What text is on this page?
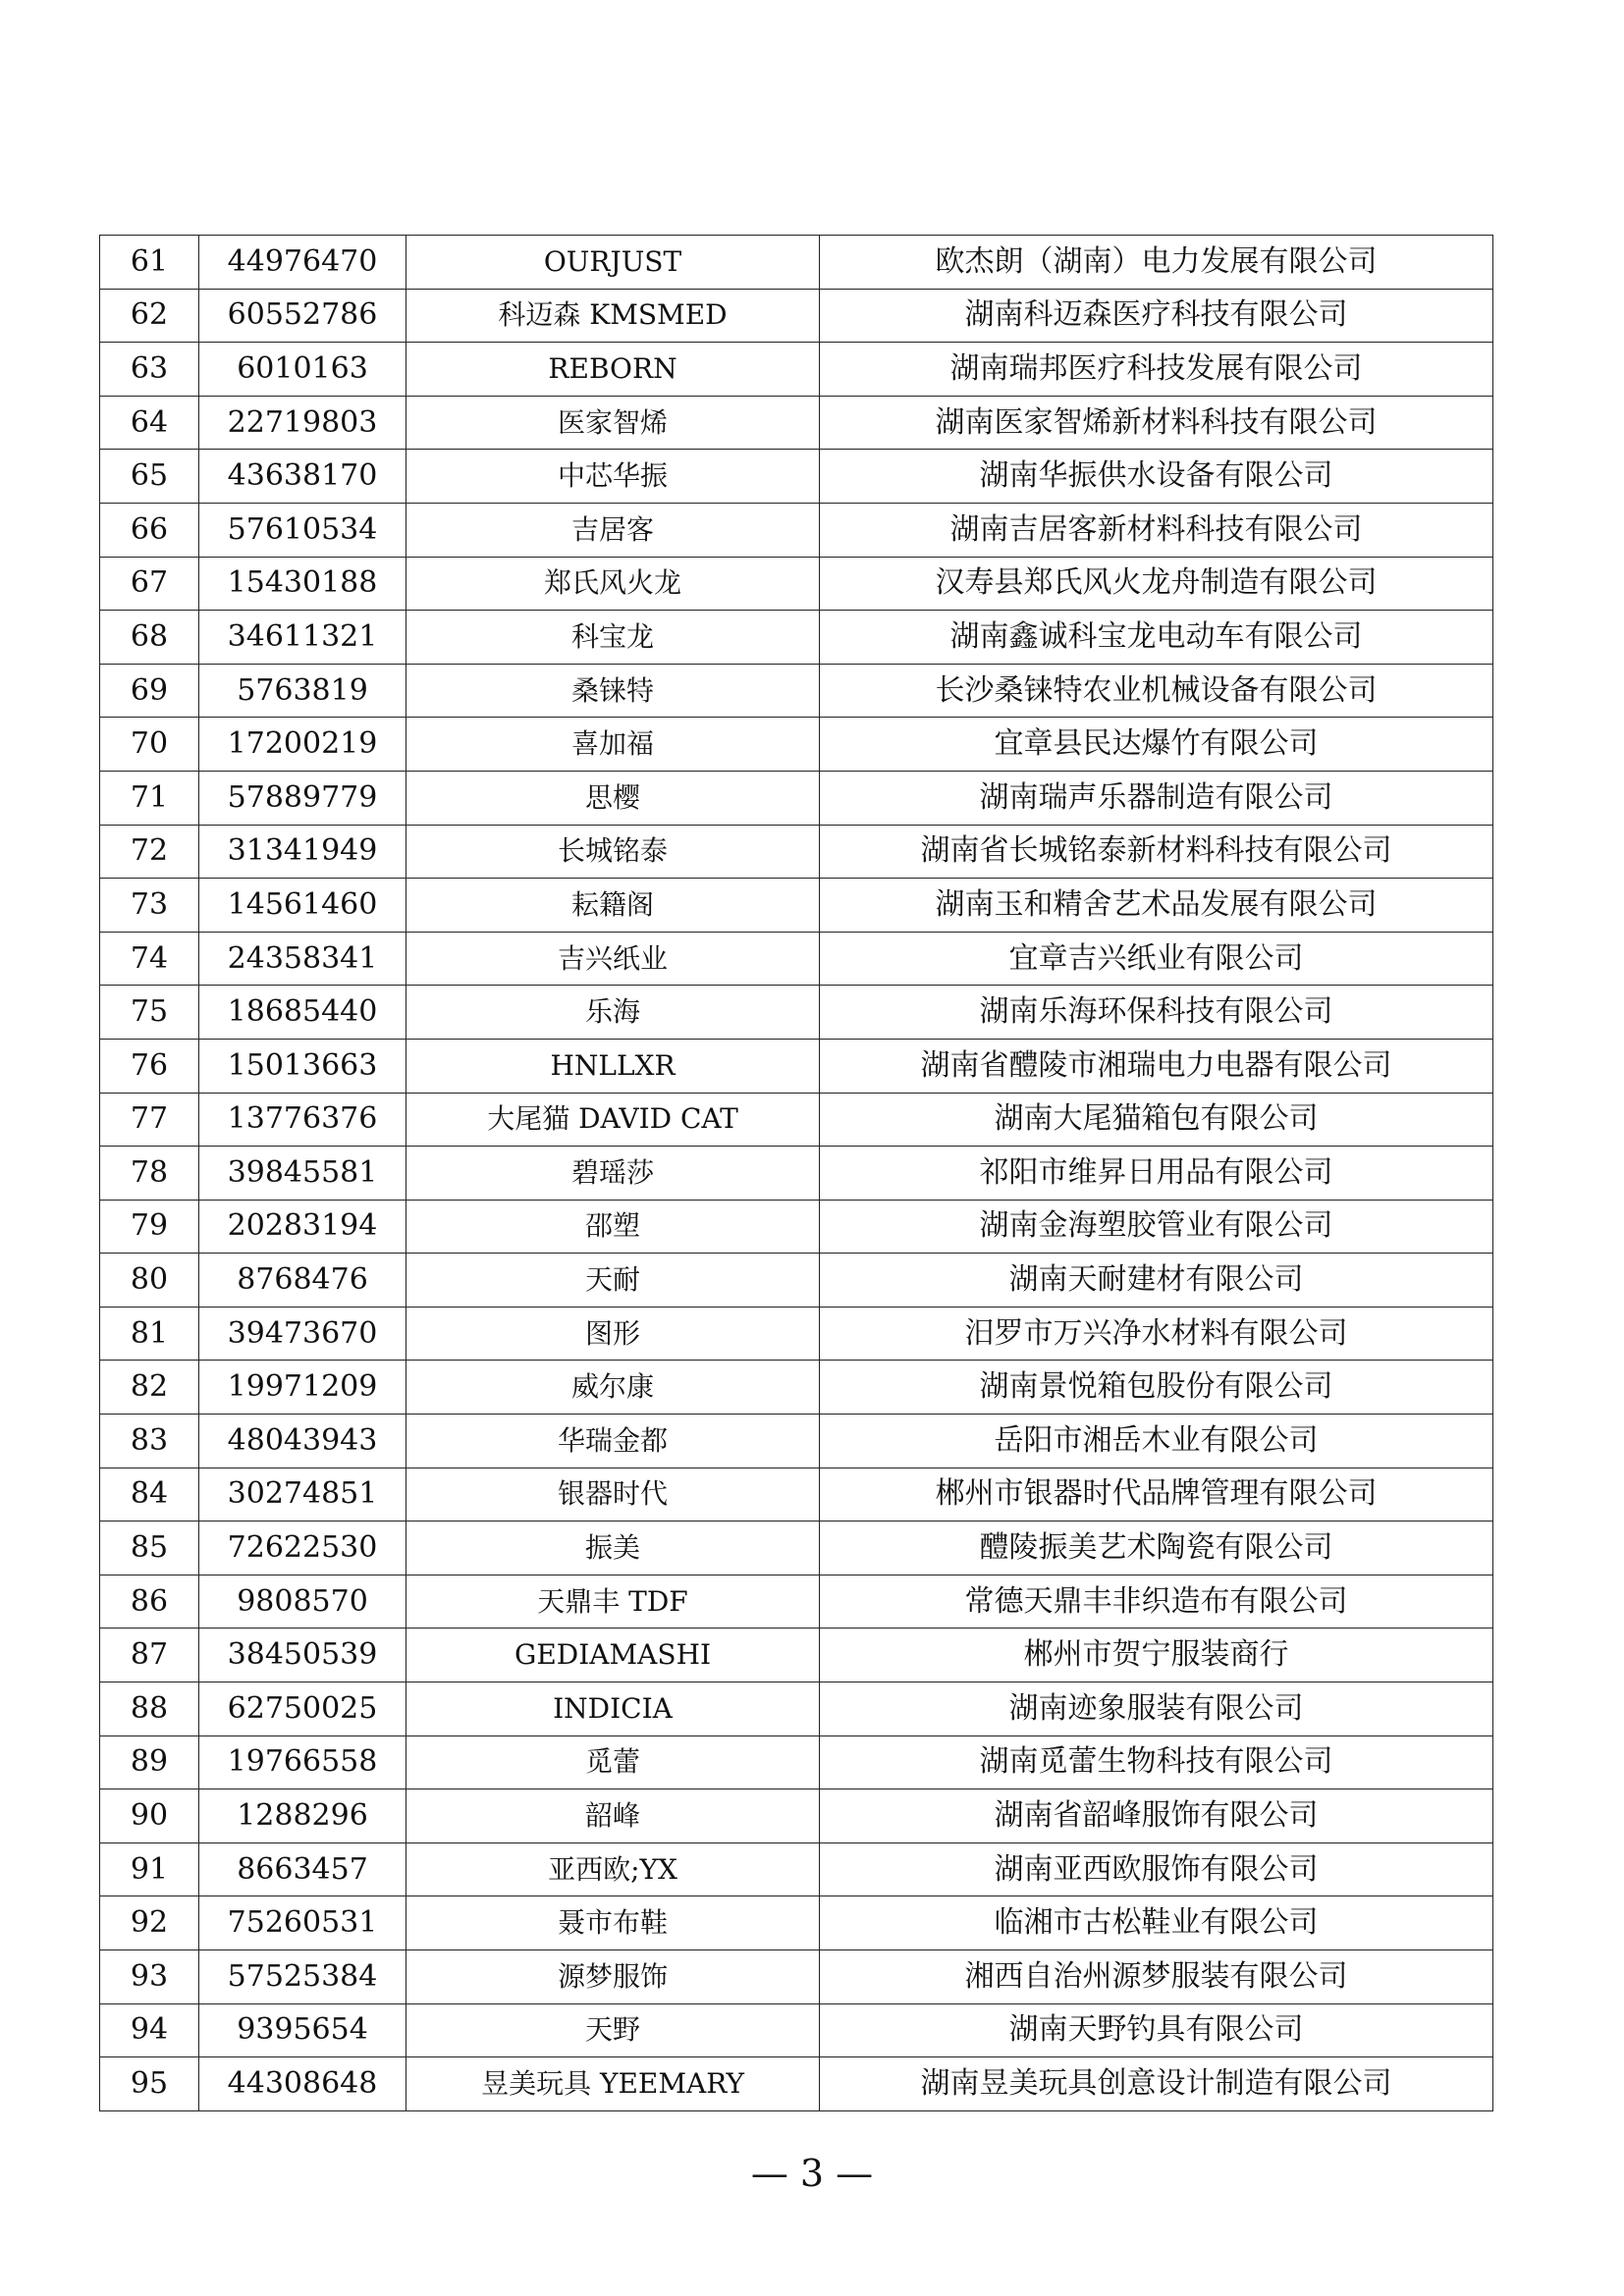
61	44976470	OURJUST	欧杰朗（湖南）电力发展有限公司
62	60552786	科迈森 KMSMED	湖南科迈森医疗科技有限公司
63	6010163	REBORN	湖南瑞邦医疗科技发展有限公司
64	22719803	医家智烯	湖南医家智烯新材料科技有限公司
65	43638170	中芯华振	湖南华振供水设备有限公司
66	57610534	吉居客	湖南吉居客新材料科技有限公司
67	15430188	郑氏风火龙	汉寿县郑氏风火龙舟制造有限公司
68	34611321	科宝龙	湖南鑫诚科宝龙电动车有限公司
69	5763819	桑铼特	长沙桑铼特农业机械设备有限公司
70	17200219	喜加福	宜章县民达爆竹有限公司
71	57889779	思樱	湖南瑞声乐器制造有限公司
72	31341949	长城铭泰	湖南省长城铭泰新材料科技有限公司
73	14561460	耘籍阁	湖南玉和精舍艺术品发展有限公司
74	24358341	吉兴纸业	宜章吉兴纸业有限公司
75	18685440	乐海	湖南乐海环保科技有限公司
76	15013663	HNLLXR	湖南省醴陵市湘瑞电力电器有限公司
77	13776376	大尾猫 DAVID CAT	湖南大尾猫箱包有限公司
78	39845581	碧瑶莎	祁阳市维昇日用品有限公司
79	20283194	邵塑	湖南金海塑胶管业有限公司
80	8768476	天耐	湖南天耐建材有限公司
81	39473670	图形	汨罗市万兴净水材料有限公司
82	19971209	威尔康	湖南景悦箱包股份有限公司
83	48043943	华瑞金都	岳阳市湘岳木业有限公司
84	30274851	银器时代	郴州市银器时代品牌管理有限公司
85	72622530	振美	醴陵振美艺术陶瓷有限公司
86	9808570	天鼎丰 TDF	常德天鼎丰非织造布有限公司
87	38450539	GEDIAMASHI	郴州市贺宁服装商行
88	62750025	INDICIA	湖南迹象服装有限公司
89	19766558	觅蕾	湖南觅蕾生物科技有限公司
90	1288296	韶峰	湖南省韶峰服饰有限公司
91	8663457	亚西欧;YX	湖南亚西欧服饰有限公司
92	75260531	聂市布鞋	临湘市古松鞋业有限公司
93	57525384	源梦服饰	湘西自治州源梦服装有限公司
94	9395654	天野	湖南天野钓具有限公司
95	44308648	昱美玩具 YEEMARY	湖南昱美玩具创意设计制造有限公司
— 3 —
